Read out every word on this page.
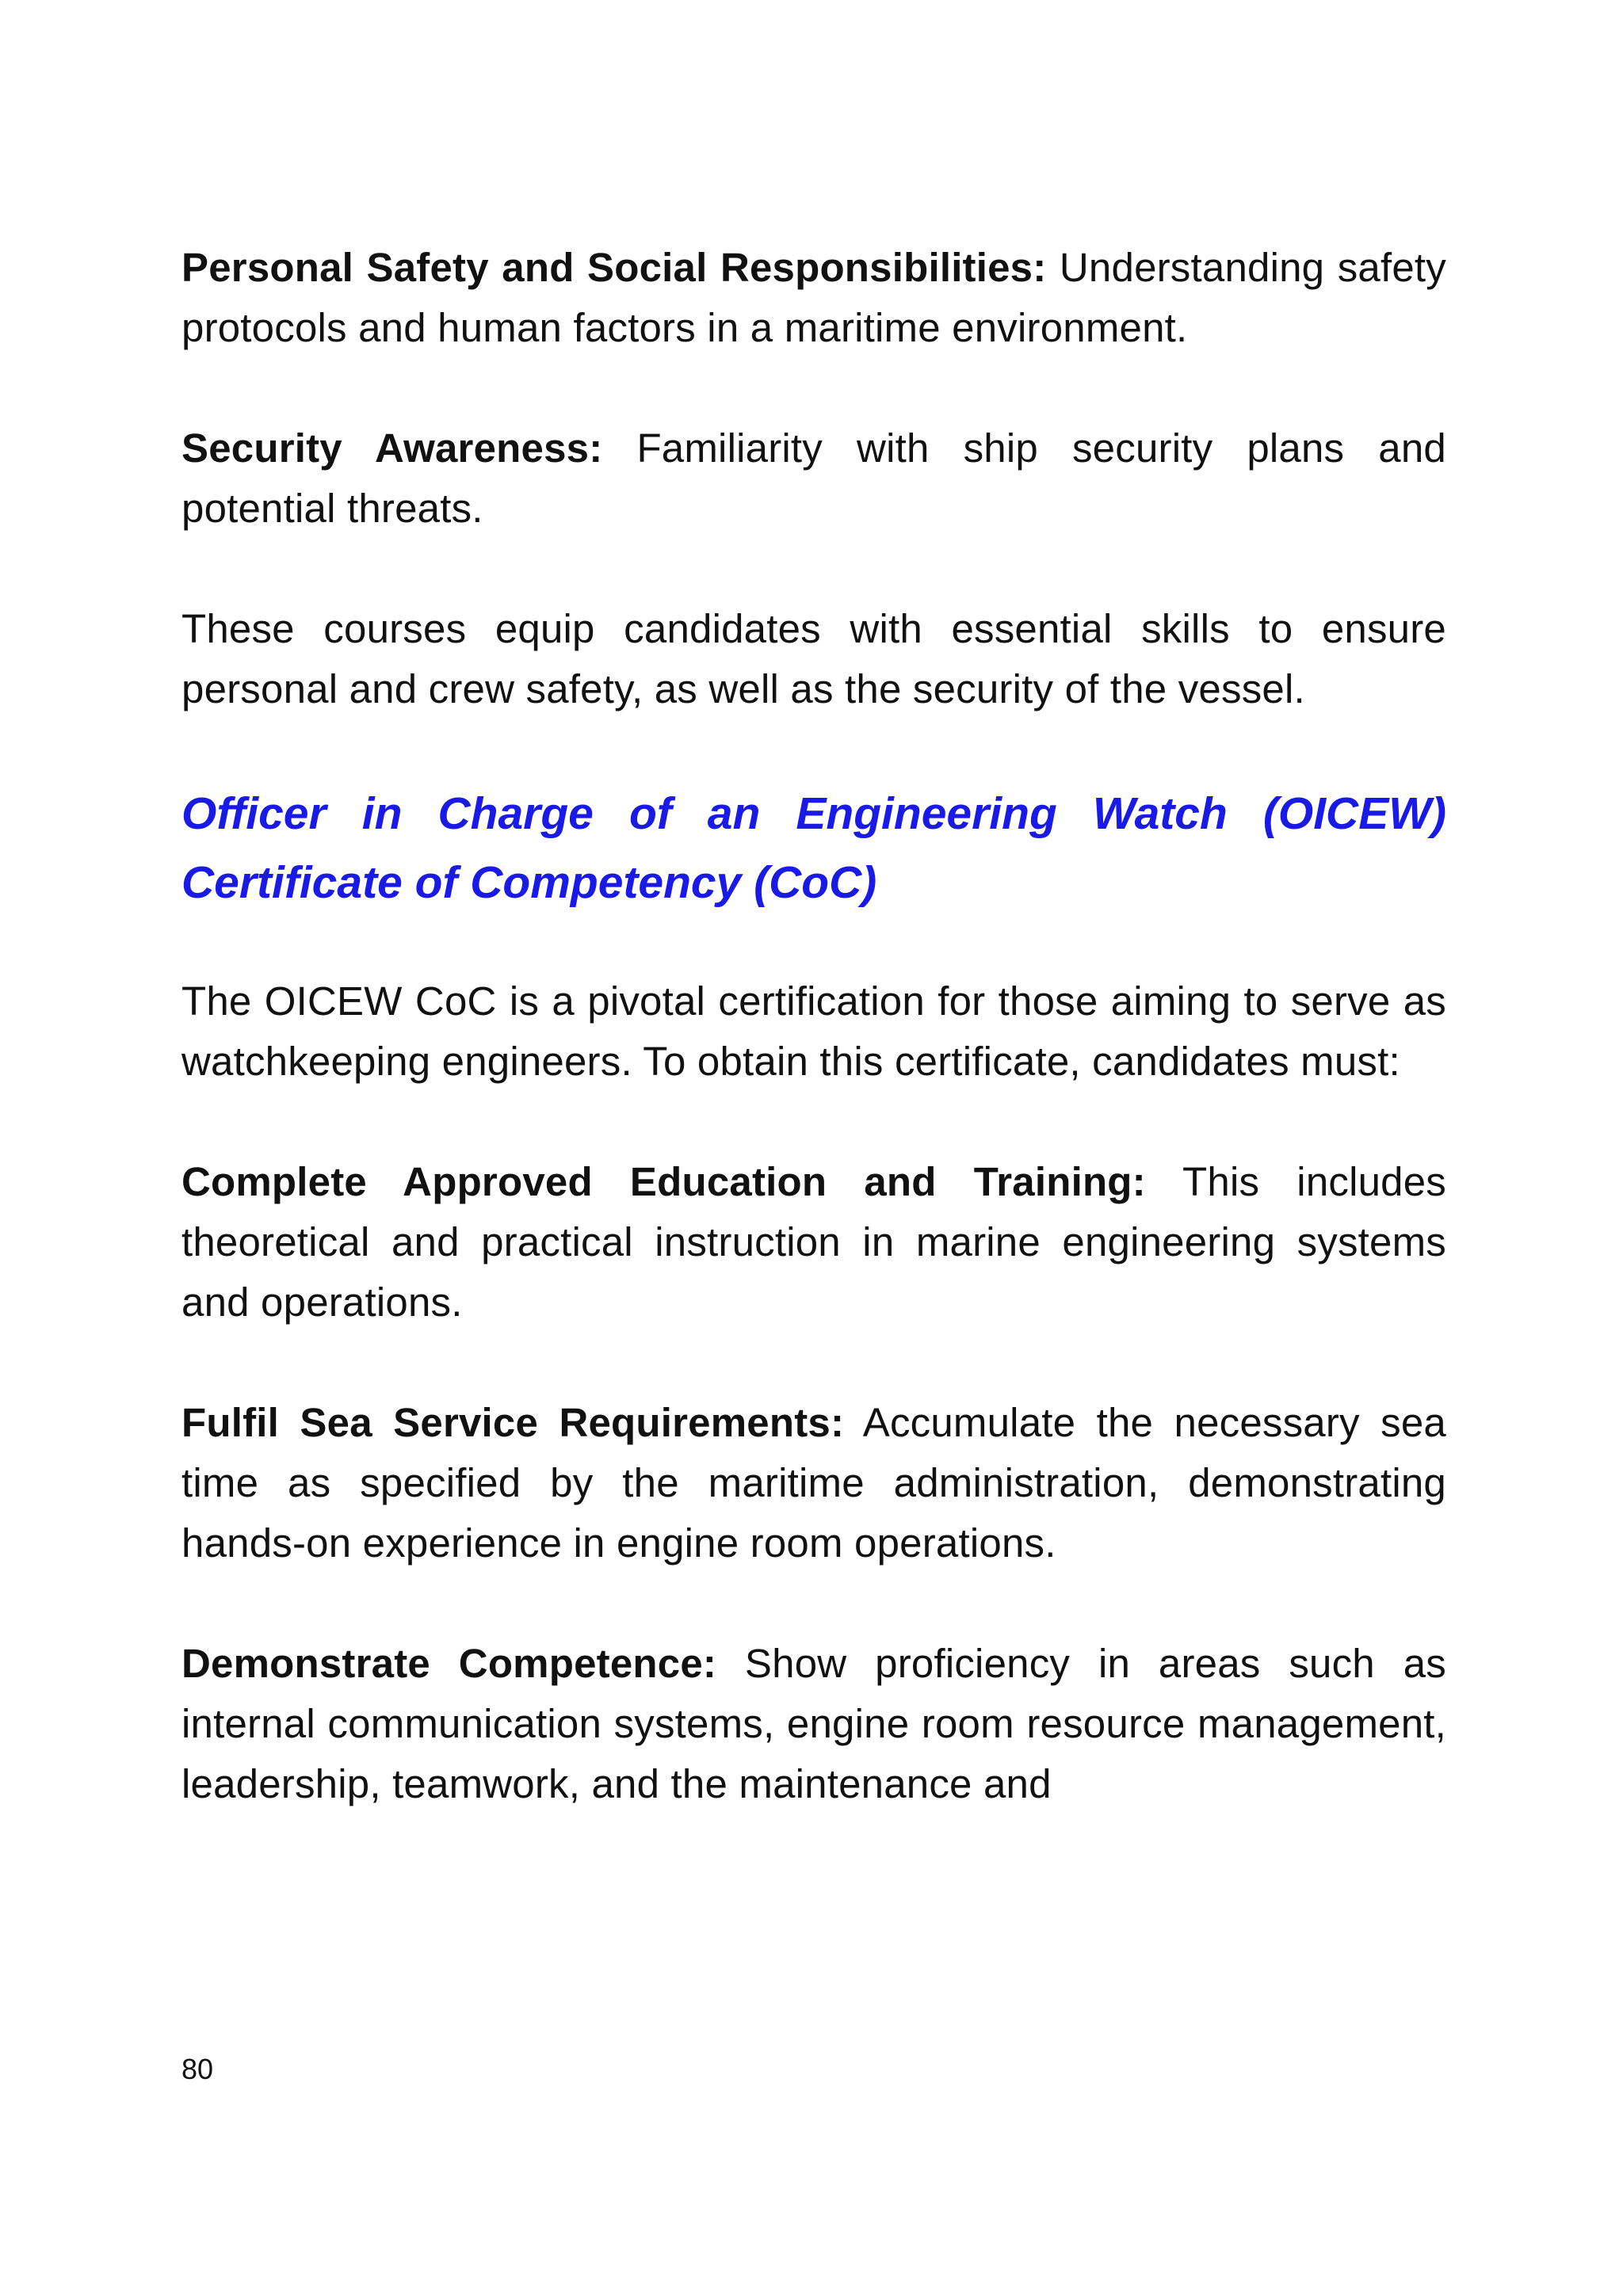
Personal Safety and Social Responsibilities: Understanding safety protocols and human factors in a maritime environment.

Security Awareness: Familiarity with ship security plans and potential threats.

These courses equip candidates with essential skills to ensure personal and crew safety, as well as the security of the vessel.

Officer in Charge of an Engineering Watch (OICEW) Certificate of Competency (CoC)

The OICEW CoC is a pivotal certification for those aiming to serve as watchkeeping engineers. To obtain this certificate, candidates must:

Complete Approved Education and Training: This includes theoretical and practical instruction in marine engineering systems and operations.

Fulfil Sea Service Requirements: Accumulate the necessary sea time as specified by the maritime administration, demonstrating hands-on experience in engine room operations.

Demonstrate Competence: Show proficiency in areas such as internal communication systems, engine room resource management, leadership, teamwork, and the maintenance and

80
